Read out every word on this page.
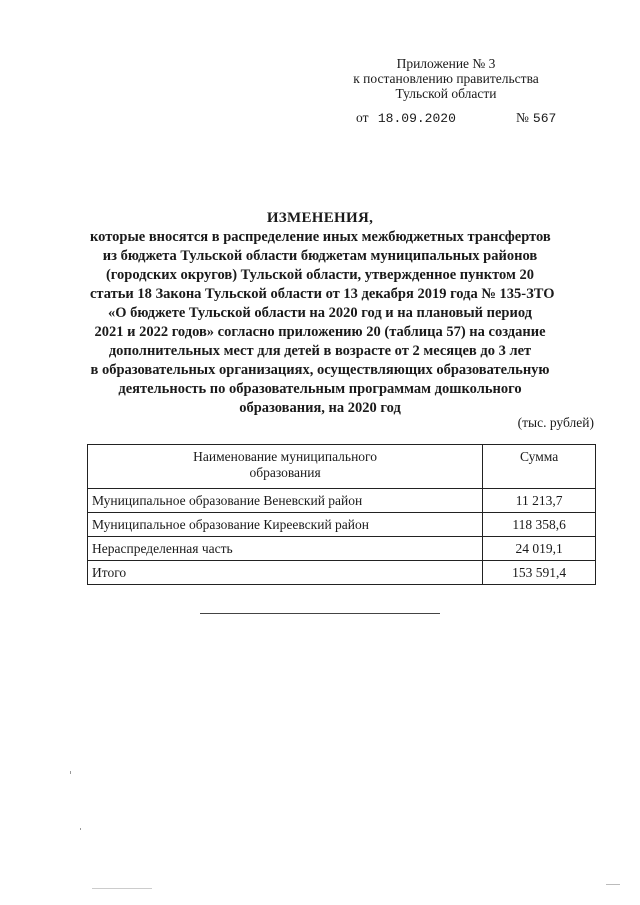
Приложение № 3
к постановлению правительства
Тульской области
от 18.09.2020	№ 567
ИЗМЕНЕНИЯ,
которые вносятся в распределение иных межбюджетных трансфертов
из бюджета Тульской области бюджетам муниципальных районов
(городских округов) Тульской области, утвержденное пунктом 20
статьи 18 Закона Тульской области от 13 декабря 2019 года № 135-ЗТО
«О бюджете Тульской области на 2020 год и на плановый период
2021 и 2022 годов» согласно приложению 20 (таблица 57) на создание
дополнительных мест для детей в возрасте от 2 месяцев до 3 лет
в образовательных организациях, осуществляющих образовательную
деятельность по образовательным программам дошкольного
образования, на 2020 год
(тыс. рублей)
Наименование муниципального
образования	Сумма
Муниципальное образование Веневский район	11 213,7
Муниципальное образование Киреевский район	118 358,6
Нераспределенная часть	24 019,1
Итого	153 591,4
